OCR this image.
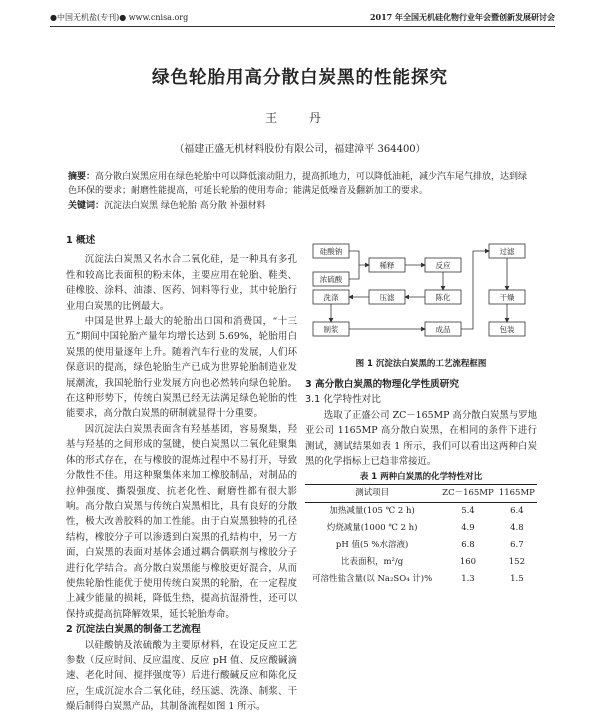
●中国无机盐(专刊)● www.cnisa.org	2017 年全国无机硅化物行业年会暨创新发展研讨会
绿色轮胎用高分散白炭黑的性能探究
王 丹
（福建正盛无机材料股份有限公司，福建漳平 364400）

摘要：高分散白炭黑应用在绿色轮胎中可以降低滚动阻力，提高抓地力，可以降低油耗，减少汽车尾气排放，达到绿色环保的要求；耐磨性能提高，可延长轮胎的使用寿命；能满足低噪音及翻新加工的要求。

关键词：沉淀法白炭黑 绿色轮胎 高分散 补强材料

1 概述

沉淀法白炭黑又名水合二氧化硅，是一种具有多孔性和较高比表面积的粉末体，主要应用在轮胎、鞋类、硅橡胶、涂料、油漆、医药、饲料等行业，其中轮胎行业用白炭黑的比例最大。

中国是世界上最大的轮胎出口国和消费国，“十三五”期间中国轮胎产量年均增长达到 5.69%，轮胎用白炭黑的使用量逐年上升。随着汽车行业的发展，人们环保意识的提高，绿色轮胎生产已成为世界轮胎制造业发展潮流，我国轮胎行业发展方向也必然转向绿色轮胎。在这种形势下，传统白炭黑已经无法满足绿色轮胎的性能要求，高分散白炭黑的研制就显得十分重要。

因沉淀法白炭黑表面含有羟基基团，容易聚集，羟基与羟基的之间形成的氢键，使白炭黑以二氧化硅聚集体的形式存在，在与橡胶的混炼过程中不易打开，导致分散性不佳。用这种聚集体来加工橡胶制品，对制品的拉伸强度、撕裂强度、抗老化性、耐磨性都有很大影响。高分散白炭黑与传统白炭黑相比，具有良好的分散性，极大改善胶料的加工性能。由于白炭黑独特的孔径结构，橡胶分子可以渗透到白炭黑的孔结构中，另一方面，白炭黑的表面对基体会通过耦合偶联剂与橡胶分子进行化学结合。高分散白炭黑能与橡胶更好混合，从而使焦轮胎性能优于使用传统白炭黑的轮胎，在一定程度上减少能量的损耗，降低生热，提高抗湿滑性，还可以保持或提高抗降解效果，延长轮胎寿命。

2 沉淀法白炭黑的制备工艺流程

以硅酸钠及浓硫酸为主要原材料，在设定反应工艺参数（反应时间、反应温度、反应 pH 值、反应酸碱滴速、老化时间、搅拌强度等）后进行酸碱反应和陈化反应，生成沉淀水合二氧化硅，经压滤、洗涤、制浆、干燥后制得白炭黑产品，其制备流程如图 1 所示。

硅酸钠
浓硫酸
稀释	反应
陈化
压滤
洗涤
制浆
过滤
干燥
包装
成品
图 1 沉淀法白炭黑的工艺流程框图
3 高分散白炭黑的物理化学性质研究
3.1 化学特性对比

选取了正盛公司 ZC－165MP 高分散白炭黑与罗地亚公司 1165MP 高分散白炭黑，在相同的条件下进行测试，测试结果如表 1 所示，我们可以看出这两种白炭黑的化学指标上已趋非常接近。

表 1 两种白炭黑的化学特性对比
测试项目	ZC－165MP	1165MP
加热减量(105 ℃ 2 h)	5.4	6.4
灼烧减量(1000 ℃ 2 h)	4.9	4.8
pH 值(5 %水溶液)	6.8	6.7
比表面积，m²/g	160	152
可溶性盐含量(以 Na₂SO₄ 计)%	1.3	1.5
